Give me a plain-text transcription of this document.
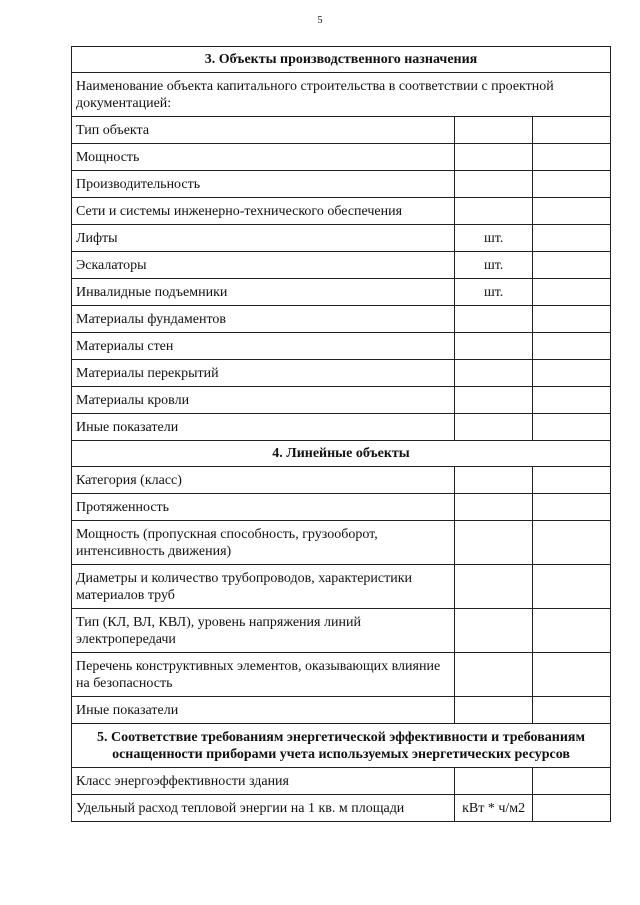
5
3. Объекты производственного назначения		
Наименование объекта капитального строительства в соответствии с проектной документацией:		
Тип объекта		
Мощность		
Производительность		
Сети и системы инженерно-технического обеспечения		
Лифты	шт.	
Эскалаторы	шт.	
Инвалидные подъемники	шт.	
Материалы фундаментов		
Материалы стен		
Материалы перекрытий		
Материалы кровли		
Иные показатели		
4. Линейные объекты		
Категория (класс)		
Протяженность		
Мощность (пропускная способность, грузооборот, интенсивность движения)		
Диаметры и количество трубопроводов, характеристики материалов труб		
Тип (КЛ, ВЛ, КВЛ), уровень напряжения линий электропередачи		
Перечень конструктивных элементов, оказывающих влияние на безопасность		
Иные показатели		
5. Соответствие требованиям энергетической эффективности и требованиям оснащенности приборами учета используемых энергетических ресурсов		
Класс энергоэффективности здания		
Удельный расход тепловой энергии на 1 кв. м площади	кВт * ч/м2	
